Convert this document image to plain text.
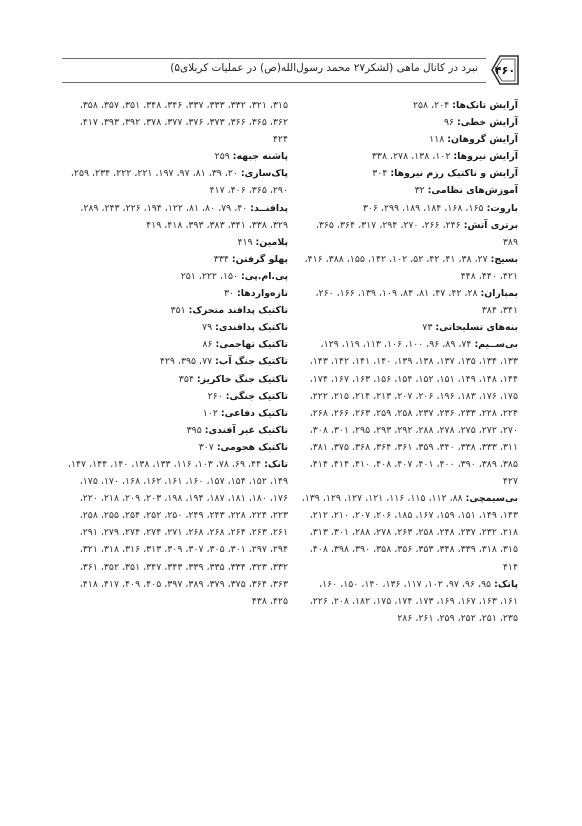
۴۶۰
نبرد در کانال ماهی (لشکر۲۷ محمد رسول‌الله(ص) در عملیات کربلای۵)

آرایش تانک‌ها: ۲۰۴، ۲۵۸

آرایش خطی: ۹۶

آرایش گروهان: ۱۱۸

آرایش نیروها: ۱۰۲، ۱۳۸، ۲۷۸، ۳۳۸

آرایش و تاکتیک رزم نیروها: ۳۰۴

آموزش‌های نظامی: ۳۲

باروت: ۱۶۵، ۱۶۸، ۱۸۴، ۱۸۹، ۲۹۹، ۳۰۶

برتری آتش: ۲۴۶، ۲۶۶، ۲۷۰، ۲۹۴، ۳۱۷، ۳۶۴، ۳۶۵، ۳۸۹

بسیج: ۲۷، ۳۸، ۴۱، ۴۲، ۵۲، ۱۰۲، ۱۴۲، ۱۵۵، ۳۸۸، ۴۱۶، ۴۲۱، ۴۴۰، ۴۴۸

بمباران: ۲۸، ۴۲، ۴۷، ۸۱، ۸۴، ۱۰۹، ۱۳۹، ۱۶۶، ۲۶۰، ۳۴۱، ۳۸۴

بنه‌های تسلیحاتی: ۷۳

بی‌ســیم: ۷۴، ۸۹، ۹۶، ۱۰۰، ۱۰۶، ۱۱۳، ۱۱۹، ۱۲۹، ۱۳۳، ۱۳۴، ۱۳۵، ۱۳۷، ۱۳۸، ۱۳۹، ۱۴۰، ۱۴۱، ۱۴۲، ۱۴۳، ۱۴۴، ۱۴۸، ۱۴۹، ۱۵۱، ۱۵۲، ۱۵۴، ۱۵۶، ۱۶۳، ۱۶۷، ۱۷۴، ۱۷۵، ۱۷۶، ۱۸۳، ۱۹۶، ۲۰۶، ۲۰۷، ۲۱۳، ۲۱۴، ۲۱۵، ۲۲۲، ۲۲۴، ۲۲۸، ۲۳۳، ۲۳۶، ۲۳۷، ۲۵۸، ۲۵۹، ۲۶۳، ۲۶۶، ۲۶۸، ۲۷۰، ۲۷۲، ۲۷۵، ۲۷۸، ۲۸۸، ۲۹۲، ۲۹۳، ۲۹۵، ۳۰۱، ۳۰۸، ۳۱۱، ۳۳۳، ۳۳۸، ۳۴۰، ۳۵۹، ۳۶۱، ۳۶۴، ۳۶۸، ۳۷۵، ۳۸۱، ۳۸۵، ۳۸۹، ۳۹۰، ۴۰۰، ۴۰۱، ۴۰۷، ۴۰۸، ۴۱۰، ۴۱۴، ۴۱۴، ۴۲۷

بی‌سیمچی: ۸۸، ۱۱۲، ۱۱۵، ۱۱۶، ۱۲۱، ۱۲۷، ۱۲۹، ۱۳۹، ۱۴۳، ۱۴۹، ۱۵۱، ۱۵۹، ۱۶۷، ۱۸۵، ۲۰۶، ۲۰۷، ۲۱۰، ۲۱۲، ۲۱۸، ۲۳۲، ۲۳۷، ۲۴۸، ۲۵۸، ۲۶۳، ۲۷۸، ۲۸۸، ۳۰۱، ۳۱۳، ۳۱۵، ۳۱۸، ۳۳۹، ۳۴۸، ۳۵۳، ۳۵۶، ۳۵۸، ۳۹۰، ۳۹۸، ۴۰۸، ۴۱۴

پاتک: ۹۵، ۹۶، ۹۷، ۱۰۲، ۱۱۷، ۱۳۶، ۱۴۰، ۱۵۰، ۱۶۰، ۱۶۱، ۱۶۳، ۱۶۷، ۱۶۹، ۱۷۳، ۱۷۴، ۱۷۵، ۱۸۲، ۲۰۸، ۲۲۶، ۲۳۵، ۲۵۱، ۲۵۲، ۲۵۹، ۲۶۱، ۲۸۶

۳۱۵، ۳۲۱، ۳۳۲، ۳۳۳، ۳۳۷، ۳۴۶، ۳۴۸، ۳۵۱، ۳۵۷، ۳۵۸، ۳۶۲، ۳۶۵، ۳۶۶، ۳۷۳، ۳۷۶، ۳۷۷، ۳۷۸، ۳۹۲، ۳۹۳، ۴۱۷، ۴۲۴

پاشنه جبهه: ۲۵۹

پاک‌سازی: ۲۰، ۳۹، ۸۱، ۹۷، ۱۹۷، ۲۲۱، ۲۲۲، ۲۳۴، ۲۵۹، ۲۹۰، ۳۶۵، ۴۰۶، ۴۱۷

پدافنــد: ۴۰، ۷۹، ۸۰، ۸۱، ۱۲۲، ۱۹۴، ۲۲۶، ۲۴۳، ۲۸۹، ۳۲۹، ۳۳۸، ۳۴۱، ۳۸۳، ۳۹۳، ۴۱۸، ۴۱۹

پلامین: ۴۱۹

پهلو گرفتن: ۳۳۴

پی.ام.پی: ۱۵۰، ۲۲۲، ۲۵۱

تازه‌واردها: ۳۰

تاکتیک پدافند متحرک: ۳۵۱

تاکتیک پدافندی: ۷۹

تاکتیک تهاجمی: ۸۶

تاکتیک جنگ آب: ۷۷، ۳۹۵، ۴۲۹

تاکتیک جنگ خاکریز: ۳۵۴

تاکتیک جنگی: ۲۶۰

تاکتیک دفاعی: ۱۰۲

تاکتیک غیر آفندی: ۳۹۵

تاکتیک هجومی: ۳۰۷

تانک: ۴۴، ۶۹، ۷۸، ۱۰۳، ۱۱۶، ۱۳۳، ۱۳۸، ۱۴۰، ۱۴۴، ۱۴۷، ۱۴۹، ۱۵۲، ۱۵۴، ۱۵۷، ۱۶۰، ۱۶۱، ۱۶۲، ۱۶۸، ۱۷۰، ۱۷۵، ۱۷۶، ۱۸۰، ۱۸۱، ۱۸۷، ۱۹۴، ۱۹۸، ۲۰۳، ۲۰۹، ۲۱۸، ۲۲۰، ۲۲۳، ۲۲۴، ۲۲۸، ۲۴۳، ۲۴۹، ۲۵۰، ۲۵۲، ۲۵۴، ۲۵۵، ۲۵۸، ۲۶۱، ۲۶۳، ۲۶۴، ۲۶۸، ۲۶۸، ۲۷۱، ۲۷۴، ۲۷۴، ۲۷۹، ۲۹۱، ۲۹۴، ۲۹۷، ۳۰۱، ۳۰۵، ۳۰۷، ۳۰۹، ۳۱۳، ۳۱۶، ۳۱۸، ۳۲۱، ۳۳۲، ۳۲۳، ۳۳۴، ۳۳۵، ۳۳۹، ۳۴۳، ۳۴۷، ۳۵۱، ۳۵۲، ۳۶۱، ۳۶۳، ۳۶۴، ۳۷۵، ۳۷۹، ۳۸۹، ۳۹۷، ۴۰۵، ۴۰۹، ۴۱۷، ۴۱۸، ۴۲۵، ۴۳۸
